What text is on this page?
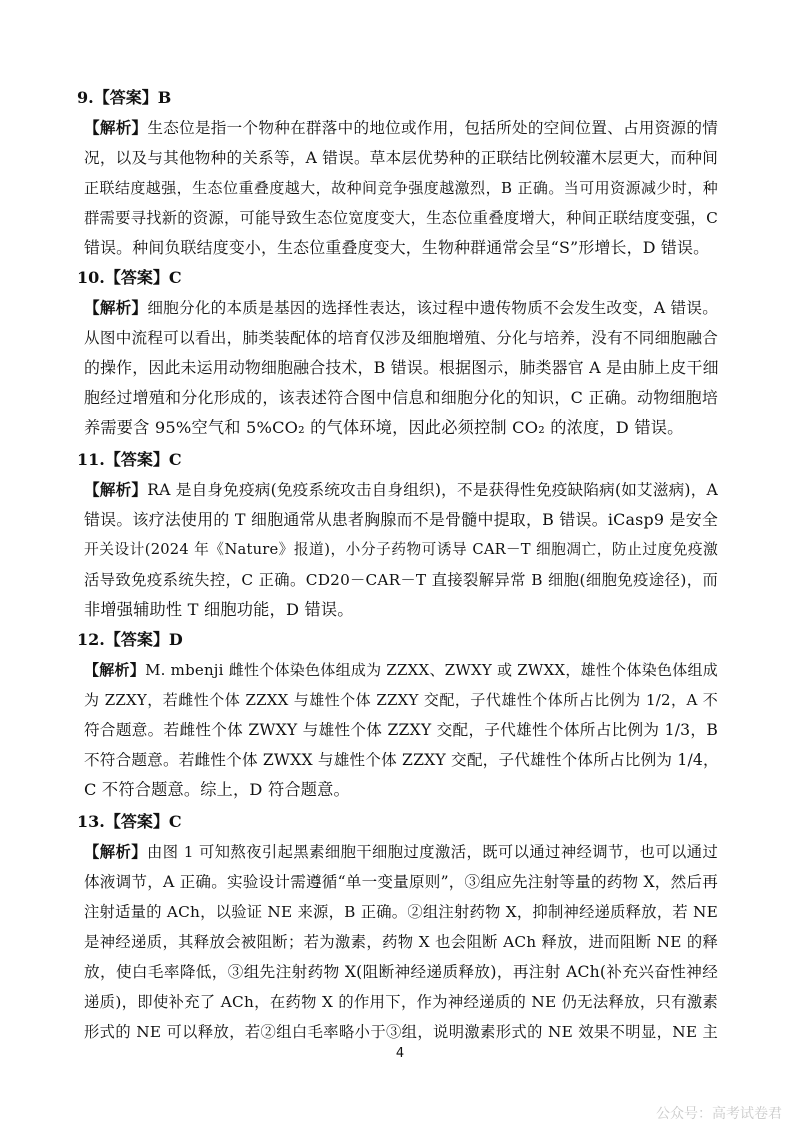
9.【答案】B
【解析】生态位是指一个物种在群落中的地位或作用，包括所处的空间位置、占用资源的情
况，以及与其他物种的关系等，A 错误。草本层优势种的正联结比例较灌木层更大，而种间
正联结度越强，生态位重叠度越大，故种间竞争强度越激烈，B 正确。当可用资源减少时，种
群需要寻找新的资源，可能导致生态位宽度变大，生态位重叠度增大，种间正联结度变强，C
错误。种间负联结度变小，生态位重叠度变大，生物种群通常会呈“S”形增长，D 错误。
10.【答案】C
【解析】细胞分化的本质是基因的选择性表达，该过程中遗传物质不会发生改变，A 错误。
从图中流程可以看出，肺类装配体的培育仅涉及细胞增殖、分化与培养，没有不同细胞融合
的操作，因此未运用动物细胞融合技术，B 错误。根据图示，肺类器官 A 是由肺上皮干细
胞经过增殖和分化形成的，该表述符合图中信息和细胞分化的知识，C 正确。动物细胞培
养需要含 95%空气和 5%CO₂ 的气体环境，因此必须控制 CO₂ 的浓度，D 错误。
11.【答案】C
【解析】RA 是自身免疫病(免疫系统攻击自身组织)，不是获得性免疫缺陷病(如艾滋病)，A
错误。该疗法使用的 T 细胞通常从患者胸腺而不是骨髓中提取，B 错误。iCasp9 是安全
开关设计(2024 年《Nature》报道)，小分子药物可诱导 CAR－T 细胞凋亡，防止过度免疫激
活导致免疫系统失控，C 正确。CD20－CAR－T 直接裂解异常 B 细胞(细胞免疫途径)，而
非增强辅助性 T 细胞功能，D 错误。
12.【答案】D
【解析】M. mbenji 雌性个体染色体组成为 ZZXX、ZWXY 或 ZWXX，雄性个体染色体组成
为 ZZXY，若雌性个体 ZZXX 与雄性个体 ZZXY 交配，子代雄性个体所占比例为 1/2，A 不
符合题意。若雌性个体 ZWXY 与雄性个体 ZZXY 交配，子代雄性个体所占比例为 1/3，B
不符合题意。若雌性个体 ZWXX 与雄性个体 ZZXY 交配，子代雄性个体所占比例为 1/4，
C 不符合题意。综上，D 符合题意。
13.【答案】C
【解析】由图 1 可知熬夜引起黑素细胞干细胞过度激活，既可以通过神经调节，也可以通过
体液调节，A 正确。实验设计需遵循“单一变量原则”，③组应先注射等量的药物 X，然后再
注射适量的 ACh，以验证 NE 来源，B 正确。②组注射药物 X，抑制神经递质释放，若 NE
是神经递质，其释放会被阻断；若为激素，药物 X 也会阻断 ACh 释放，进而阻断 NE 的释
放，使白毛率降低，③组先注射药物 X(阻断神经递质释放)，再注射 ACh(补充兴奋性神经
递质)，即使补充了 ACh，在药物 X 的作用下，作为神经递质的 NE 仍无法释放，只有激素
形式的 NE 可以释放，若②组白毛率略小于③组，说明激素形式的 NE 效果不明显，NE 主
4
公众号：高考试卷君
